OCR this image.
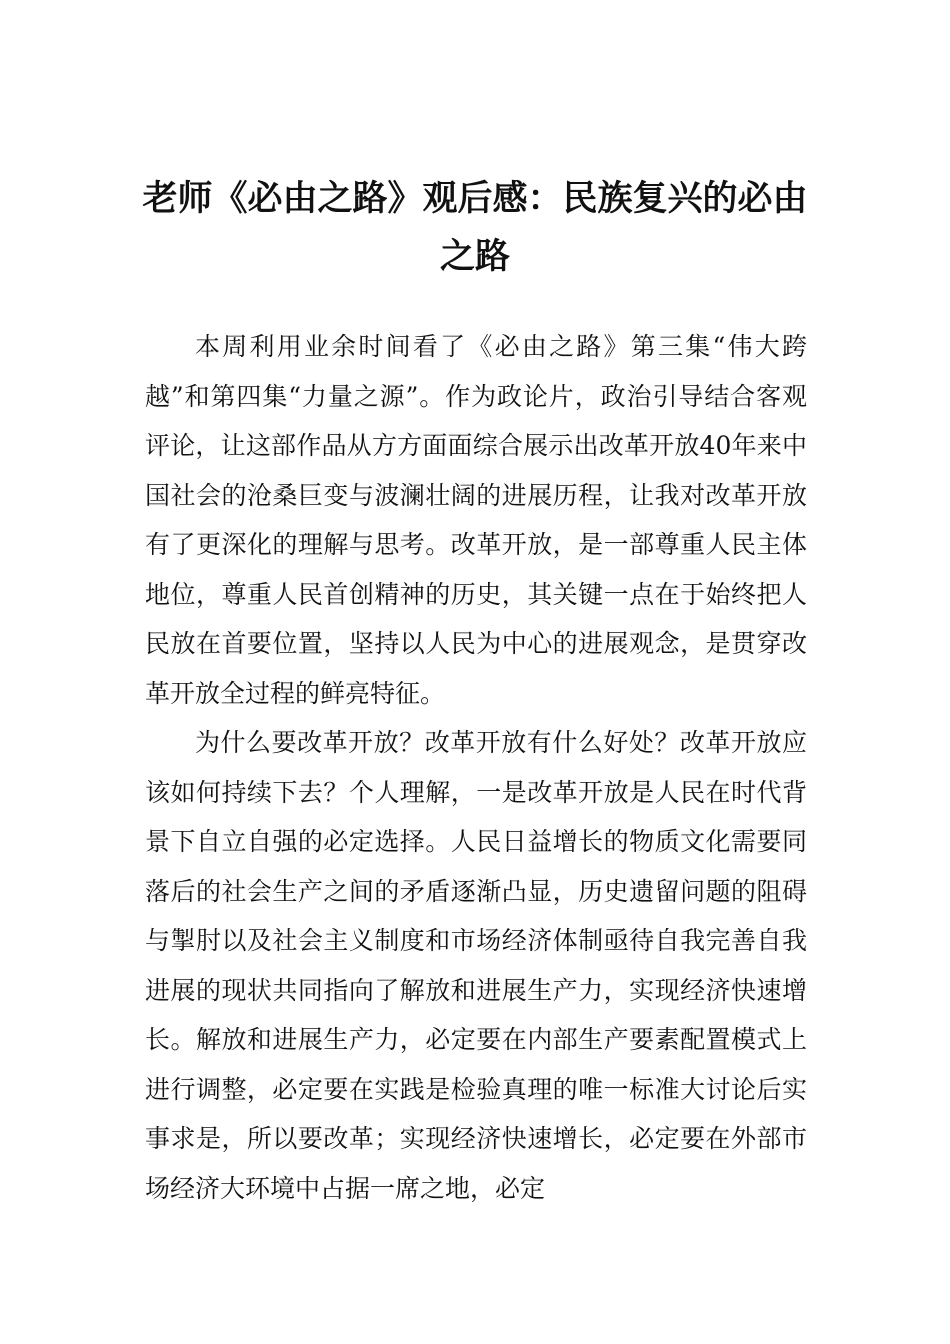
老师《必由之路》观后感：民族复兴的必由之路

本周利用业余时间看了《必由之路》第三集“伟大跨越”和第四集“力量之源”。作为政论片，政治引导结合客观评论，让这部作品从方方面面综合展示出改革开放40年来中国社会的沧桑巨变与波澜壮阔的进展历程，让我对改革开放有了更深化的理解与思考。改革开放，是一部尊重人民主体地位，尊重人民首创精神的历史，其关键一点在于始终把人民放在首要位置，坚持以人民为中心的进展观念，是贯穿改革开放全过程的鲜亮特征。

为什么要改革开放？改革开放有什么好处？改革开放应该如何持续下去？个人理解，一是改革开放是人民在时代背景下自立自强的必定选择。人民日益增长的物质文化需要同落后的社会生产之间的矛盾逐渐凸显，历史遗留问题的阻碍与掣肘以及社会主义制度和市场经济体制亟待自我完善自我进展的现状共同指向了解放和进展生产力，实现经济快速增长。解放和进展生产力，必定要在内部生产要素配置模式上进行调整，必定要在实践是检验真理的唯一标准大讨论后实事求是，所以要改革；实现经济快速增长，必定要在外部市场经济大环境中占据一席之地，必定
